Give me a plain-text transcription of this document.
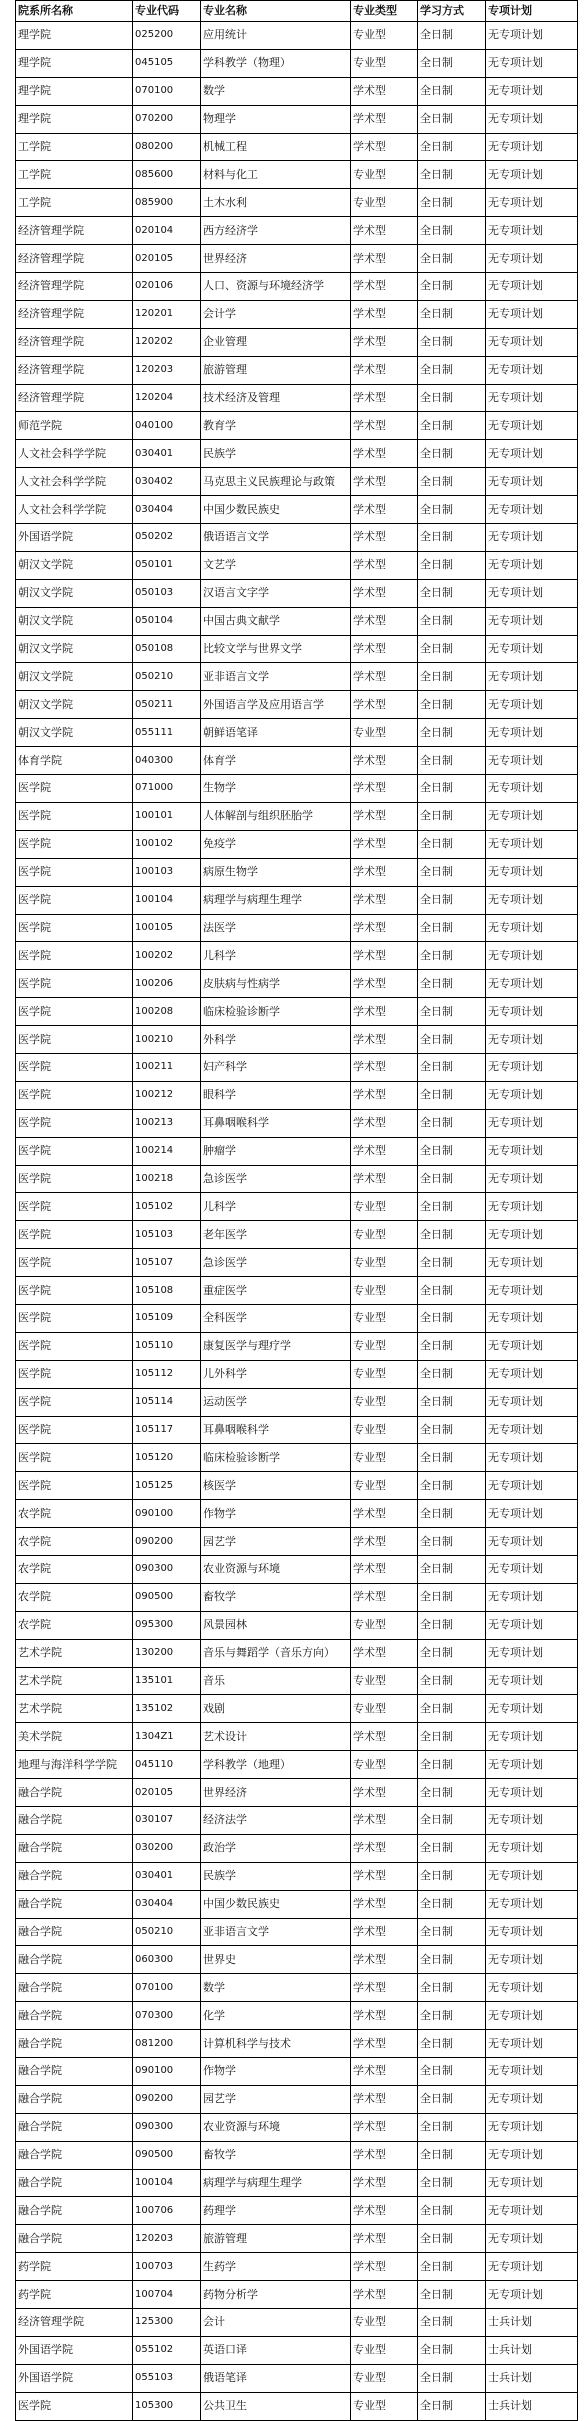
院系所名称	专业代码	专业名称	专业类型	学习方式	专项计划
理学院	025200	应用统计	专业型	全日制	无专项计划
理学院	045105	学科教学（物理）	专业型	全日制	无专项计划
理学院	070100	数学	学术型	全日制	无专项计划
理学院	070200	物理学	学术型	全日制	无专项计划
工学院	080200	机械工程	学术型	全日制	无专项计划
工学院	085600	材料与化工	专业型	全日制	无专项计划
工学院	085900	土木水利	专业型	全日制	无专项计划
经济管理学院	020104	西方经济学	学术型	全日制	无专项计划
经济管理学院	020105	世界经济	学术型	全日制	无专项计划
经济管理学院	020106	人口、资源与环境经济学	学术型	全日制	无专项计划
经济管理学院	120201	会计学	学术型	全日制	无专项计划
经济管理学院	120202	企业管理	学术型	全日制	无专项计划
经济管理学院	120203	旅游管理	学术型	全日制	无专项计划
经济管理学院	120204	技术经济及管理	学术型	全日制	无专项计划
师范学院	040100	教育学	学术型	全日制	无专项计划
人文社会科学学院	030401	民族学	学术型	全日制	无专项计划
人文社会科学学院	030402	马克思主义民族理论与政策	学术型	全日制	无专项计划
人文社会科学学院	030404	中国少数民族史	学术型	全日制	无专项计划
外国语学院	050202	俄语语言文学	学术型	全日制	无专项计划
朝汉文学院	050101	文艺学	学术型	全日制	无专项计划
朝汉文学院	050103	汉语言文字学	学术型	全日制	无专项计划
朝汉文学院	050104	中国古典文献学	学术型	全日制	无专项计划
朝汉文学院	050108	比较文学与世界文学	学术型	全日制	无专项计划
朝汉文学院	050210	亚非语言文学	学术型	全日制	无专项计划
朝汉文学院	050211	外国语言学及应用语言学	学术型	全日制	无专项计划
朝汉文学院	055111	朝鲜语笔译	专业型	全日制	无专项计划
体育学院	040300	体育学	学术型	全日制	无专项计划
医学院	071000	生物学	学术型	全日制	无专项计划
医学院	100101	人体解剖与组织胚胎学	学术型	全日制	无专项计划
医学院	100102	免疫学	学术型	全日制	无专项计划
医学院	100103	病原生物学	学术型	全日制	无专项计划
医学院	100104	病理学与病理生理学	学术型	全日制	无专项计划
医学院	100105	法医学	学术型	全日制	无专项计划
医学院	100202	儿科学	学术型	全日制	无专项计划
医学院	100206	皮肤病与性病学	学术型	全日制	无专项计划
医学院	100208	临床检验诊断学	学术型	全日制	无专项计划
医学院	100210	外科学	学术型	全日制	无专项计划
医学院	100211	妇产科学	学术型	全日制	无专项计划
医学院	100212	眼科学	学术型	全日制	无专项计划
医学院	100213	耳鼻咽喉科学	学术型	全日制	无专项计划
医学院	100214	肿瘤学	学术型	全日制	无专项计划
医学院	100218	急诊医学	学术型	全日制	无专项计划
医学院	105102	儿科学	专业型	全日制	无专项计划
医学院	105103	老年医学	专业型	全日制	无专项计划
医学院	105107	急诊医学	专业型	全日制	无专项计划
医学院	105108	重症医学	专业型	全日制	无专项计划
医学院	105109	全科医学	专业型	全日制	无专项计划
医学院	105110	康复医学与理疗学	专业型	全日制	无专项计划
医学院	105112	儿外科学	专业型	全日制	无专项计划
医学院	105114	运动医学	专业型	全日制	无专项计划
医学院	105117	耳鼻咽喉科学	专业型	全日制	无专项计划
医学院	105120	临床检验诊断学	专业型	全日制	无专项计划
医学院	105125	核医学	专业型	全日制	无专项计划
农学院	090100	作物学	学术型	全日制	无专项计划
农学院	090200	园艺学	学术型	全日制	无专项计划
农学院	090300	农业资源与环境	学术型	全日制	无专项计划
农学院	090500	畜牧学	学术型	全日制	无专项计划
农学院	095300	风景园林	专业型	全日制	无专项计划
艺术学院	130200	音乐与舞蹈学（音乐方向）	学术型	全日制	无专项计划
艺术学院	135101	音乐	专业型	全日制	无专项计划
艺术学院	135102	戏剧	专业型	全日制	无专项计划
美术学院	1304Z1	艺术设计	学术型	全日制	无专项计划
地理与海洋科学学院	045110	学科教学（地理）	专业型	全日制	无专项计划
融合学院	020105	世界经济	学术型	全日制	无专项计划
融合学院	030107	经济法学	学术型	全日制	无专项计划
融合学院	030200	政治学	学术型	全日制	无专项计划
融合学院	030401	民族学	学术型	全日制	无专项计划
融合学院	030404	中国少数民族史	学术型	全日制	无专项计划
融合学院	050210	亚非语言文学	学术型	全日制	无专项计划
融合学院	060300	世界史	学术型	全日制	无专项计划
融合学院	070100	数学	学术型	全日制	无专项计划
融合学院	070300	化学	学术型	全日制	无专项计划
融合学院	081200	计算机科学与技术	学术型	全日制	无专项计划
融合学院	090100	作物学	学术型	全日制	无专项计划
融合学院	090200	园艺学	学术型	全日制	无专项计划
融合学院	090300	农业资源与环境	学术型	全日制	无专项计划
融合学院	090500	畜牧学	学术型	全日制	无专项计划
融合学院	100104	病理学与病理生理学	学术型	全日制	无专项计划
融合学院	100706	药理学	学术型	全日制	无专项计划
融合学院	120203	旅游管理	学术型	全日制	无专项计划
药学院	100703	生药学	学术型	全日制	无专项计划
药学院	100704	药物分析学	学术型	全日制	无专项计划
经济管理学院	125300	会计	专业型	全日制	士兵计划
外国语学院	055102	英语口译	专业型	全日制	士兵计划
外国语学院	055103	俄语笔译	专业型	全日制	士兵计划
医学院	105300	公共卫生	专业型	全日制	士兵计划
